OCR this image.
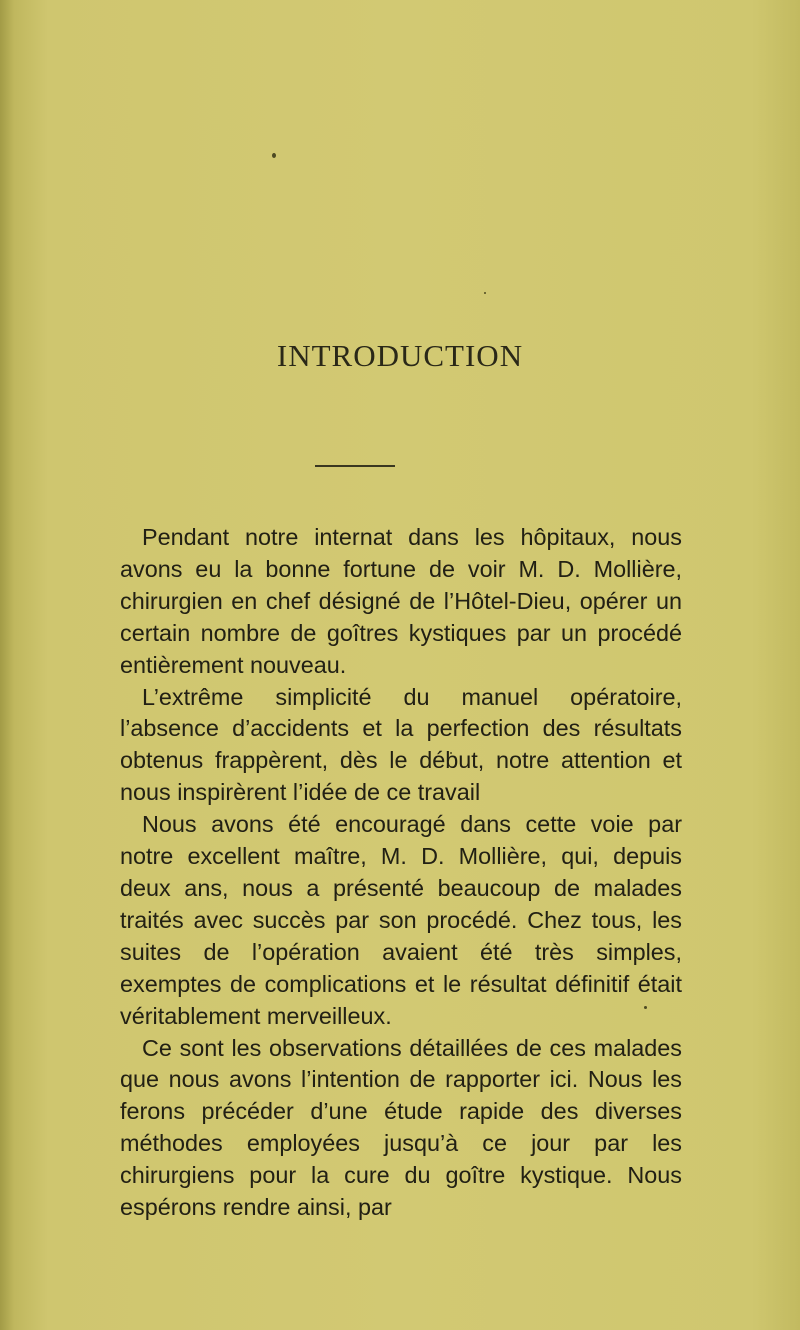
INTRODUCTION

Pendant notre internat dans les hôpitaux, nous avons eu la bonne fortune de voir M. D. Mollière, chirurgien en chef désigné de l’Hôtel-Dieu, opérer un certain nombre de goîtres kystiques par un procédé entièrement nouveau.

L’extrême simplicité du manuel opératoire, l’absence d’accidents et la perfection des résultats obtenus frappèrent, dès le début, notre attention et nous inspirèrent l’idée de ce travail

Nous avons été encouragé dans cette voie par notre excellent maître, M. D. Mollière, qui, depuis deux ans, nous a présenté beaucoup de malades traités avec succès par son procédé. Chez tous, les suites de l’opération avaient été très simples, exemptes de complications et le résultat définitif était véritablement merveilleux.

Ce sont les observations détaillées de ces malades que nous avons l’intention de rapporter ici. Nous les ferons précéder d’une étude rapide des diverses méthodes employées jusqu’à ce jour par les chirurgiens pour la cure du goître kystique. Nous espérons rendre ainsi, par
